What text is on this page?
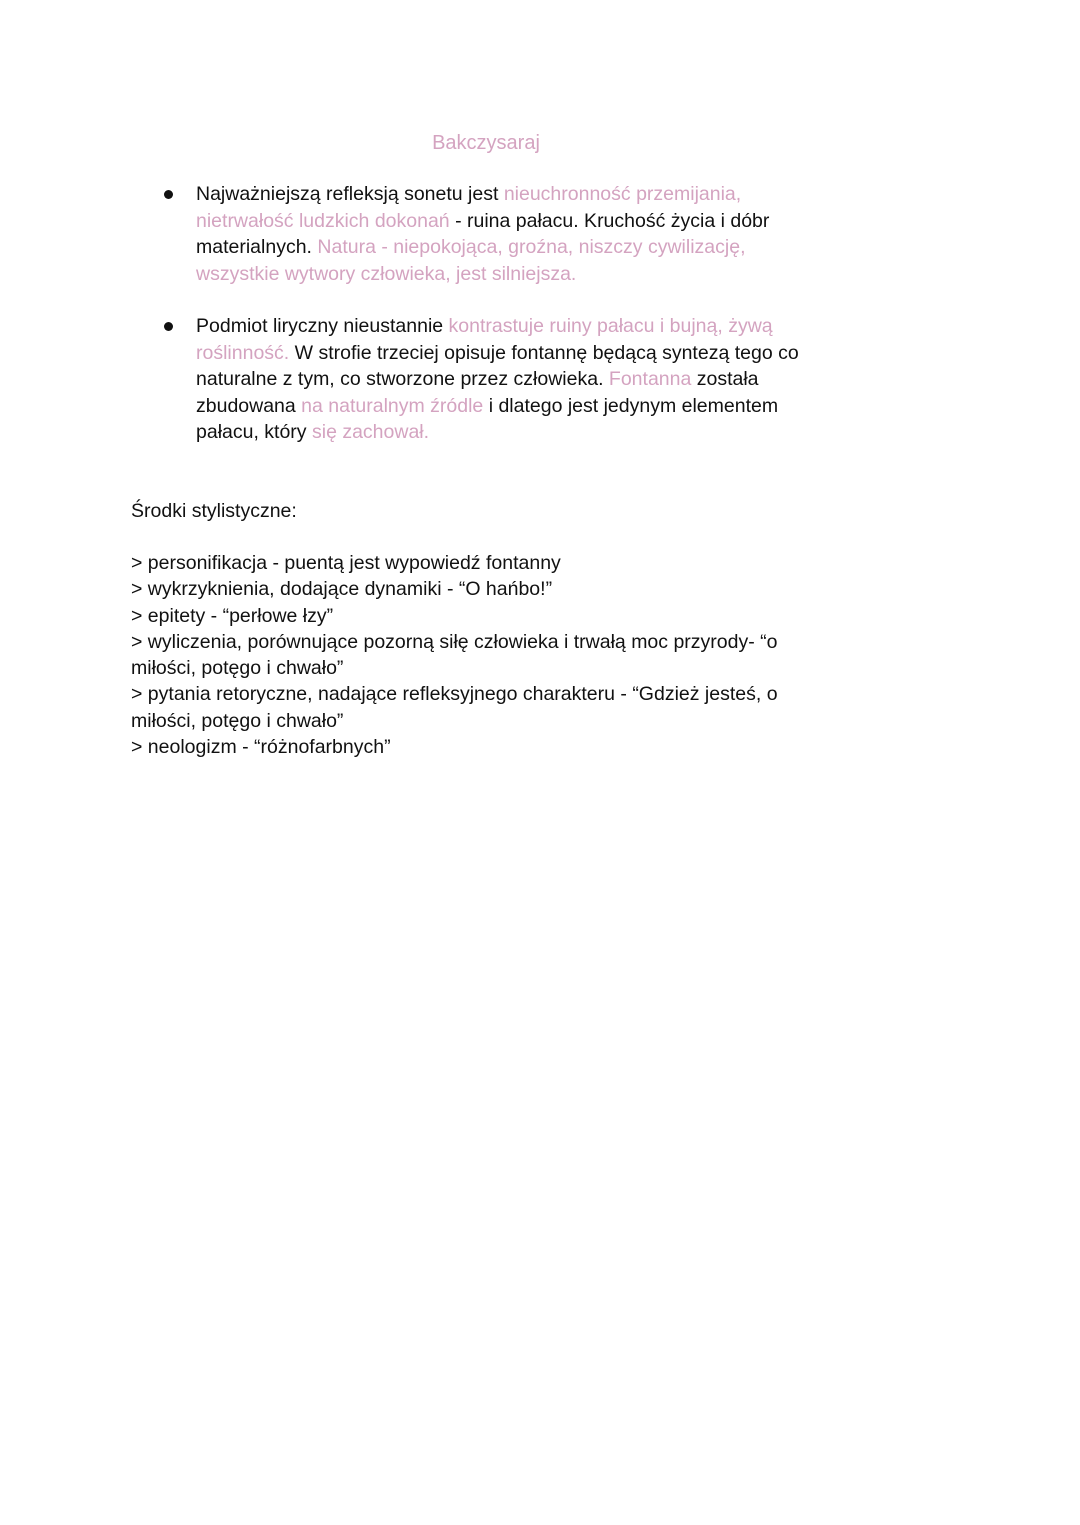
Bakczysaraj
Najważniejszą refleksją sonetu jest nieuchronność przemijania, nietrwałość ludzkich dokonań - ruina pałacu. Kruchość życia i dóbr materialnych. Natura - niepokojąca, groźna, niszczy cywilizację, wszystkie wytwory człowieka, jest silniejsza.
Podmiot liryczny nieustannie kontrastuje ruiny pałacu i bujną, żywą roślinność. W strofie trzeciej opisuje fontannę będącą syntezą tego co naturalne z tym, co stworzone przez człowieka. Fontanna została zbudowana na naturalnym źródle i dlatego jest jedynym elementem pałacu, który się zachował.
Środki stylistyczne:
> personifikacja - puentą jest wypowiedź fontanny
> wykrzyknienia, dodające dynamiki - “O hańbo!”
> epitety - “perłowe łzy”
> wyliczenia, porównujące pozorną siłę człowieka i trwałą moc przyrody- “o miłości, potęgo i chwało”
> pytania retoryczne, nadające refleksyjnego charakteru - “Gdzież jesteś, o miłości, potęgo i chwało”
> neologizm - “różnofarbnych”
